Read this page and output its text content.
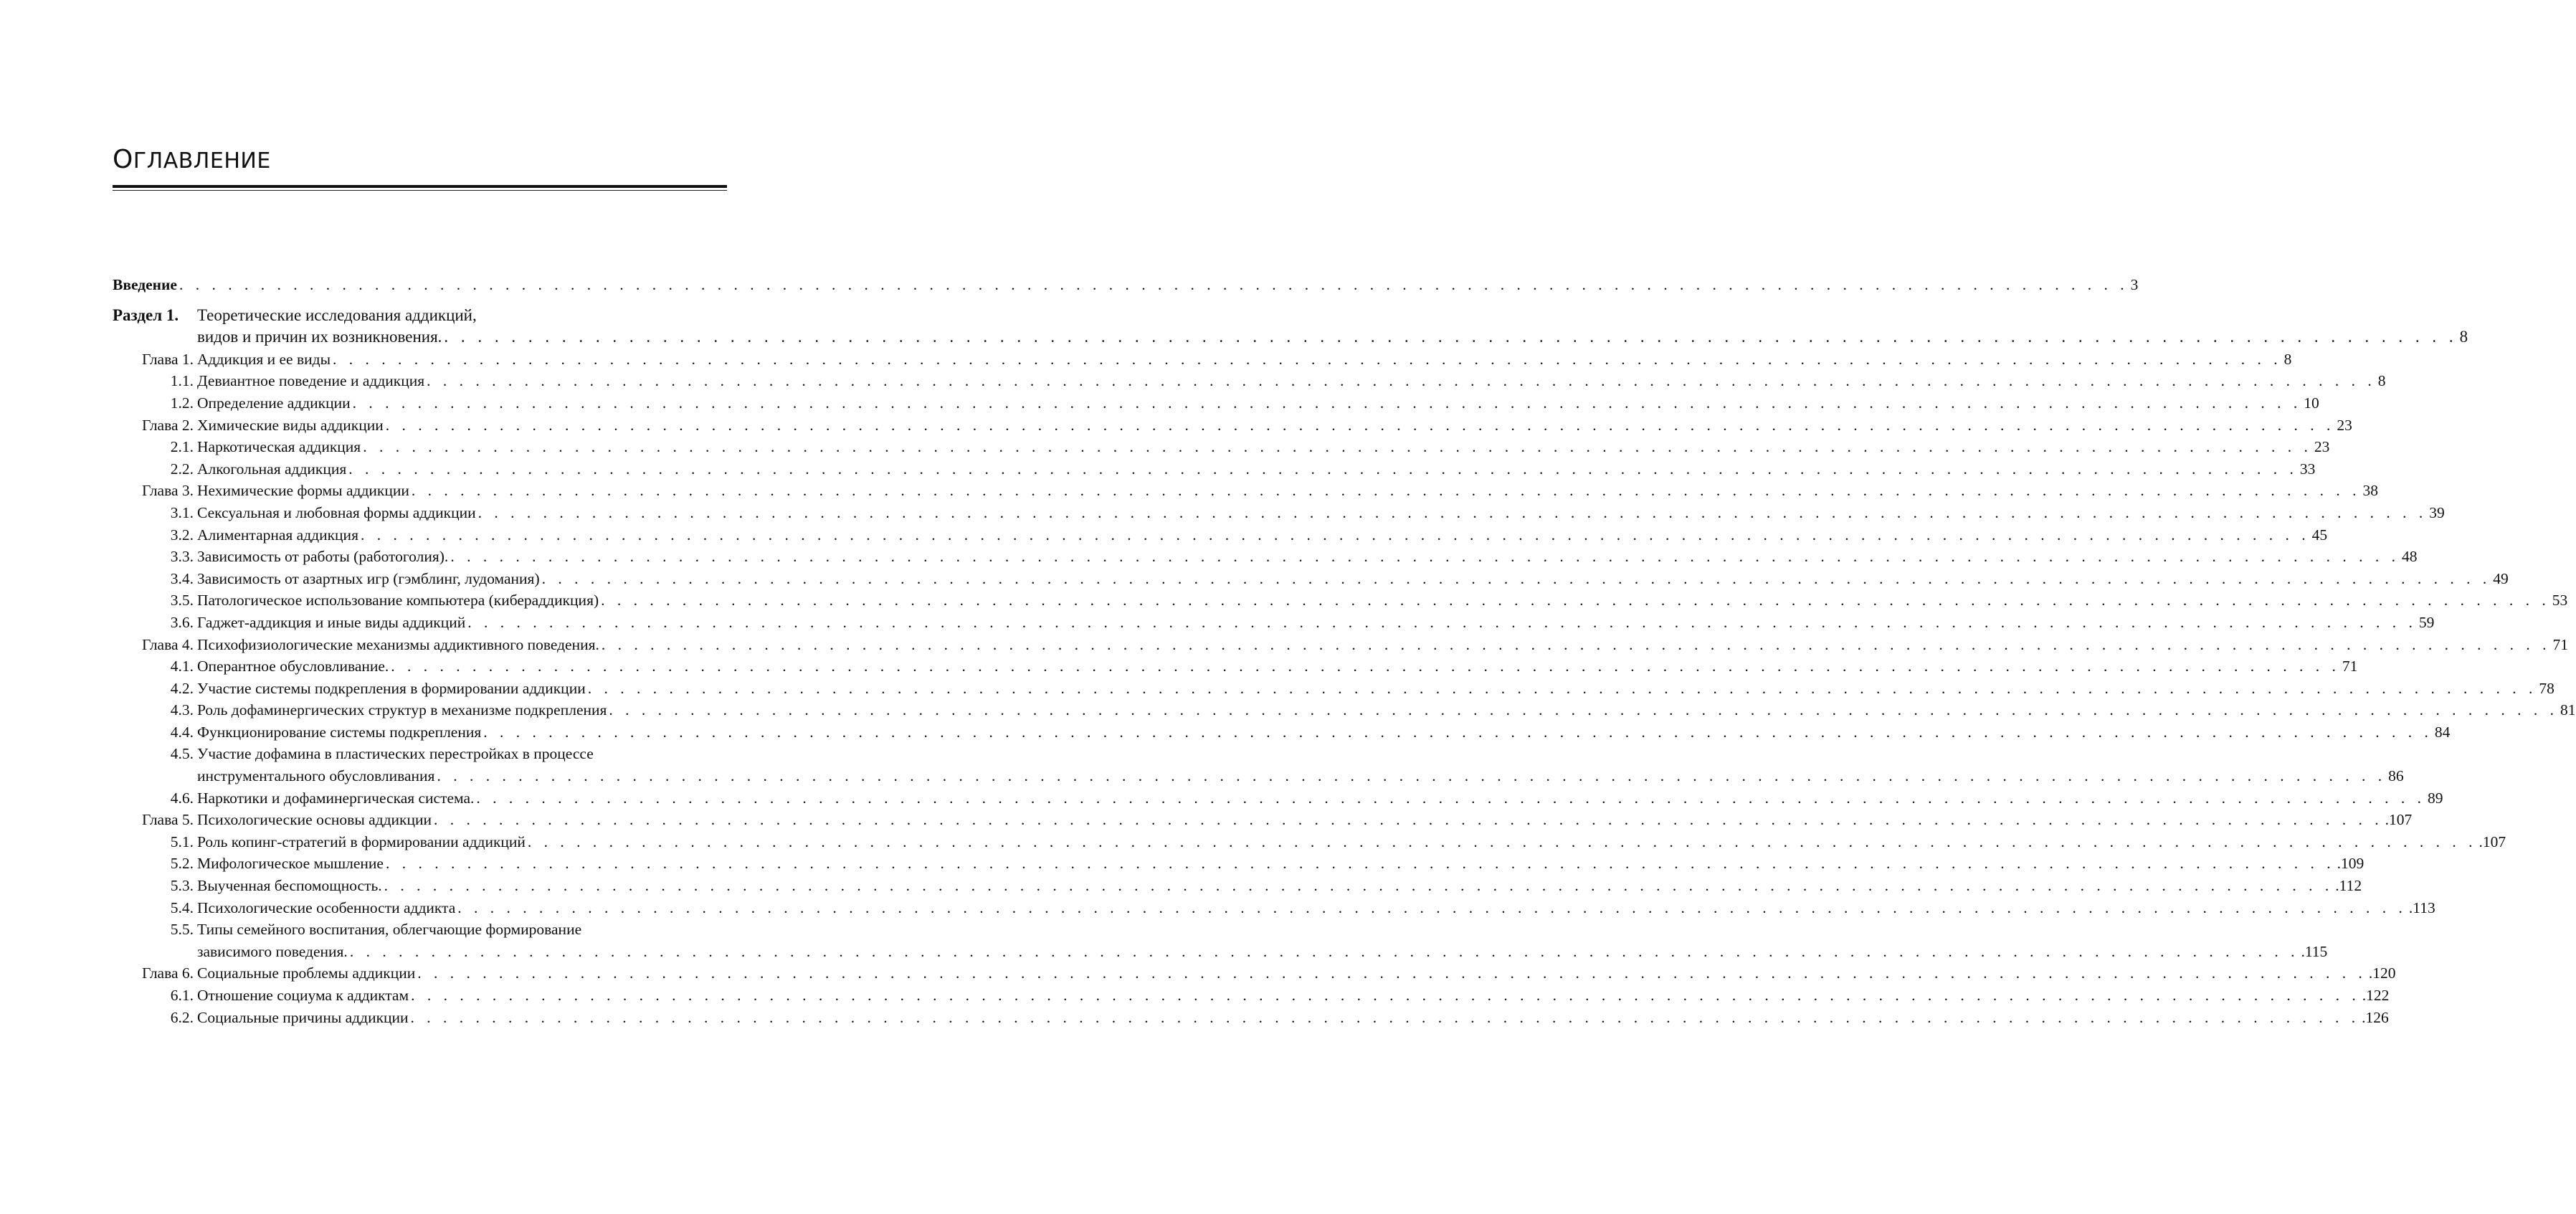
ОГЛАВЛЕНИЕ
Введение . . . . . . . . . . . . . . . . . . . . . . . . . . . . . . . . . . . . . . . . . . . . . . . . . . . . . . . . . . . . . . . . . . . . . . . . . . . . . . . . . . . . . . . . . . . . . . . . . . . . . . . . . . . . . . . . . . . . . . . . 3
Раздел 1.	Теоретические исследования аддикций,
видов и причин их возникновения. . . . . . . . . . . . . . . . . . . . . . . . . . . . . . . . . . . . . . . . . . . . . . . . . . . . . . . . . . . . . . . . . . . . . . . . . . . . . . . . . . . . . . . . . . . . . . . . . . . . . . . . . . . . . . . . . . . . . . . . . 8
Глава 1. Аддикция и ее виды . . . . . . . . . . . . . . . . . . . . . . . . . . . . . . . . . . . . . . . . . . . . . . . . . . . . . . . . . . . . . . . . . . . . . . . . . . . . . . . . . . . . . . . . . . . . . . . . . . . . . . . . . . . . . . . . . . . . . . . . 8
1.1. Девиантное поведение и аддикция . . . . . . . . . . . . . . . . . . . . . . . . . . . . . . . . . . . . . . . . . . . . . . . . . . . . . . . . . . . . . . . . . . . . . . . . . . . . . . . . . . . . . . . . . . . . . . . . . . . . . . . . . . . . . . . . . . . . . . . . 8
1.2. Определение аддикции . . . . . . . . . . . . . . . . . . . . . . . . . . . . . . . . . . . . . . . . . . . . . . . . . . . . . . . . . . . . . . . . . . . . . . . . . . . . . . . . . . . . . . . . . . . . . . . . . . . . . . . . . . . . . . . . . . . . . . . . 10
Глава 2. Химические виды аддикции . . . . . . . . . . . . . . . . . . . . . . . . . . . . . . . . . . . . . . . . . . . . . . . . . . . . . . . . . . . . . . . . . . . . . . . . . . . . . . . . . . . . . . . . . . . . . . . . . . . . . . . . . . . . . . . . . . . . . . . . 23
2.1. Наркотическая аддикция . . . . . . . . . . . . . . . . . . . . . . . . . . . . . . . . . . . . . . . . . . . . . . . . . . . . . . . . . . . . . . . . . . . . . . . . . . . . . . . . . . . . . . . . . . . . . . . . . . . . . . . . . . . . . . . . . . . . . . . . 23
2.2. Алкогольная аддикция . . . . . . . . . . . . . . . . . . . . . . . . . . . . . . . . . . . . . . . . . . . . . . . . . . . . . . . . . . . . . . . . . . . . . . . . . . . . . . . . . . . . . . . . . . . . . . . . . . . . . . . . . . . . . . . . . . . . . . . . 33
Глава 3. Нехимические формы аддикции . . . . . . . . . . . . . . . . . . . . . . . . . . . . . . . . . . . . . . . . . . . . . . . . . . . . . . . . . . . . . . . . . . . . . . . . . . . . . . . . . . . . . . . . . . . . . . . . . . . . . . . . . . . . . . . . . . . . . . . . 38
3.1. Сексуальная и любовная формы аддикции . . . . . . . . . . . . . . . . . . . . . . . . . . . . . . . . . . . . . . . . . . . . . . . . . . . . . . . . . . . . . . . . . . . . . . . . . . . . . . . . . . . . . . . . . . . . . . . . . . . . . . . . . . . . . . . . . . . . . . . . 39
3.2. Алиментарная аддикция . . . . . . . . . . . . . . . . . . . . . . . . . . . . . . . . . . . . . . . . . . . . . . . . . . . . . . . . . . . . . . . . . . . . . . . . . . . . . . . . . . . . . . . . . . . . . . . . . . . . . . . . . . . . . . . . . . . . . . . . 45
3.3. Зависимость от работы (работоголия). . . . . . . . . . . . . . . . . . . . . . . . . . . . . . . . . . . . . . . . . . . . . . . . . . . . . . . . . . . . . . . . . . . . . . . . . . . . . . . . . . . . . . . . . . . . . . . . . . . . . . . . . . . . . . . . . . . . . . . . . 48
3.4. Зависимость от азартных игр (гэмблинг, лудомания) . . . . . . . . . . . . . . . . . . . . . . . . . . . . . . . . . . . . . . . . . . . . . . . . . . . . . . . . . . . . . . . . . . . . . . . . . . . . . . . . . . . . . . . . . . . . . . . . . . . . . . . . . . . . . . . . . . . . . . . . 49
3.5. Патологическое использование компьютера (кибераддикция) . . . . . . . . . . . . . . . . . . . . . . . . . . . . . . . . . . . . . . . . . . . . . . . . . . . . . . . . . . . . . . . . . . . . . . . . . . . . . . . . . . . . . . . . . . . . . . . . . . . . . . . . . . . . . . . . . . . . . . . . 53
3.6. Гаджет-аддикция и иные виды аддикций . . . . . . . . . . . . . . . . . . . . . . . . . . . . . . . . . . . . . . . . . . . . . . . . . . . . . . . . . . . . . . . . . . . . . . . . . . . . . . . . . . . . . . . . . . . . . . . . . . . . . . . . . . . . . . . . . . . . . . . . 59
Глава 4. Психофизиологические механизмы аддиктивного поведения. . . . . . . . . . . . . . . . . . . . . . . . . . . . . . . . . . . . . . . . . . . . . . . . . . . . . . . . . . . . . . . . . . . . . . . . . . . . . . . . . . . . . . . . . . . . . . . . . . . . . . . . . . . . . . . . . . . . . . . . . 71
4.1. Оперантное обусловливание. . . . . . . . . . . . . . . . . . . . . . . . . . . . . . . . . . . . . . . . . . . . . . . . . . . . . . . . . . . . . . . . . . . . . . . . . . . . . . . . . . . . . . . . . . . . . . . . . . . . . . . . . . . . . . . . . . . . . . . . . 71
4.2. Участие системы подкрепления в формировании аддикции . . . . . . . . . . . . . . . . . . . . . . . . . . . . . . . . . . . . . . . . . . . . . . . . . . . . . . . . . . . . . . . . . . . . . . . . . . . . . . . . . . . . . . . . . . . . . . . . . . . . . . . . . . . . . . . . . . . . . . . . 78
4.3. Роль дофаминергических структур в механизме подкрепления . . . . . . . . . . . . . . . . . . . . . . . . . . . . . . . . . . . . . . . . . . . . . . . . . . . . . . . . . . . . . . . . . . . . . . . . . . . . . . . . . . . . . . . . . . . . . . . . . . . . . . . . . . . . . . . . . . . . . . . . 81
4.4. Функционирование системы подкрепления . . . . . . . . . . . . . . . . . . . . . . . . . . . . . . . . . . . . . . . . . . . . . . . . . . . . . . . . . . . . . . . . . . . . . . . . . . . . . . . . . . . . . . . . . . . . . . . . . . . . . . . . . . . . . . . . . . . . . . . . 84
4.5. Участие дофамина в пластических перестройках в процессе
инструментального обусловливания . . . . . . . . . . . . . . . . . . . . . . . . . . . . . . . . . . . . . . . . . . . . . . . . . . . . . . . . . . . . . . . . . . . . . . . . . . . . . . . . . . . . . . . . . . . . . . . . . . . . . . . . . . . . . . . . . . . . . . . . 86
4.6. Наркотики и дофаминергическая система. . . . . . . . . . . . . . . . . . . . . . . . . . . . . . . . . . . . . . . . . . . . . . . . . . . . . . . . . . . . . . . . . . . . . . . . . . . . . . . . . . . . . . . . . . . . . . . . . . . . . . . . . . . . . . . . . . . . . . . . . 89
Глава 5. Психологические основы аддикции . . . . . . . . . . . . . . . . . . . . . . . . . . . . . . . . . . . . . . . . . . . . . . . . . . . . . . . . . . . . . . . . . . . . . . . . . . . . . . . . . . . . . . . . . . . . . . . . . . . . . . . . . . . . . . . . . . . . . . . . .107
5.1. Роль копинг-стратегий в формировании аддикций . . . . . . . . . . . . . . . . . . . . . . . . . . . . . . . . . . . . . . . . . . . . . . . . . . . . . . . . . . . . . . . . . . . . . . . . . . . . . . . . . . . . . . . . . . . . . . . . . . . . . . . . . . . . . . . . . . . . . . . . .107
5.2. Мифологическое мышление . . . . . . . . . . . . . . . . . . . . . . . . . . . . . . . . . . . . . . . . . . . . . . . . . . . . . . . . . . . . . . . . . . . . . . . . . . . . . . . . . . . . . . . . . . . . . . . . . . . . . . . . . . . . . . . . . . . . . . . . .109
5.3. Выученная беспомощность. . . . . . . . . . . . . . . . . . . . . . . . . . . . . . . . . . . . . . . . . . . . . . . . . . . . . . . . . . . . . . . . . . . . . . . . . . . . . . . . . . . . . . . . . . . . . . . . . . . . . . . . . . . . . . . . . . . . . . . . . .112
5.4. Психологические особенности аддикта . . . . . . . . . . . . . . . . . . . . . . . . . . . . . . . . . . . . . . . . . . . . . . . . . . . . . . . . . . . . . . . . . . . . . . . . . . . . . . . . . . . . . . . . . . . . . . . . . . . . . . . . . . . . . . . . . . . . . . . . .113
5.5. Типы семейного воспитания, облегчающие формирование
зависимого поведения. . . . . . . . . . . . . . . . . . . . . . . . . . . . . . . . . . . . . . . . . . . . . . . . . . . . . . . . . . . . . . . . . . . . . . . . . . . . . . . . . . . . . . . . . . . . . . . . . . . . . . . . . . . . . . . . . . . . . . . . . .115
Глава 6. Социальные проблемы аддикции . . . . . . . . . . . . . . . . . . . . . . . . . . . . . . . . . . . . . . . . . . . . . . . . . . . . . . . . . . . . . . . . . . . . . . . . . . . . . . . . . . . . . . . . . . . . . . . . . . . . . . . . . . . . . . . . . . . . . . . . .120
6.1. Отношение социума к аддиктам . . . . . . . . . . . . . . . . . . . . . . . . . . . . . . . . . . . . . . . . . . . . . . . . . . . . . . . . . . . . . . . . . . . . . . . . . . . . . . . . . . . . . . . . . . . . . . . . . . . . . . . . . . . . . . . . . . . . . . . . .122
6.2. Социальные причины аддикции . . . . . . . . . . . . . . . . . . . . . . . . . . . . . . . . . . . . . . . . . . . . . . . . . . . . . . . . . . . . . . . . . . . . . . . . . . . . . . . . . . . . . . . . . . . . . . . . . . . . . . . . . . . . . . . . . . . . . . . . .126
